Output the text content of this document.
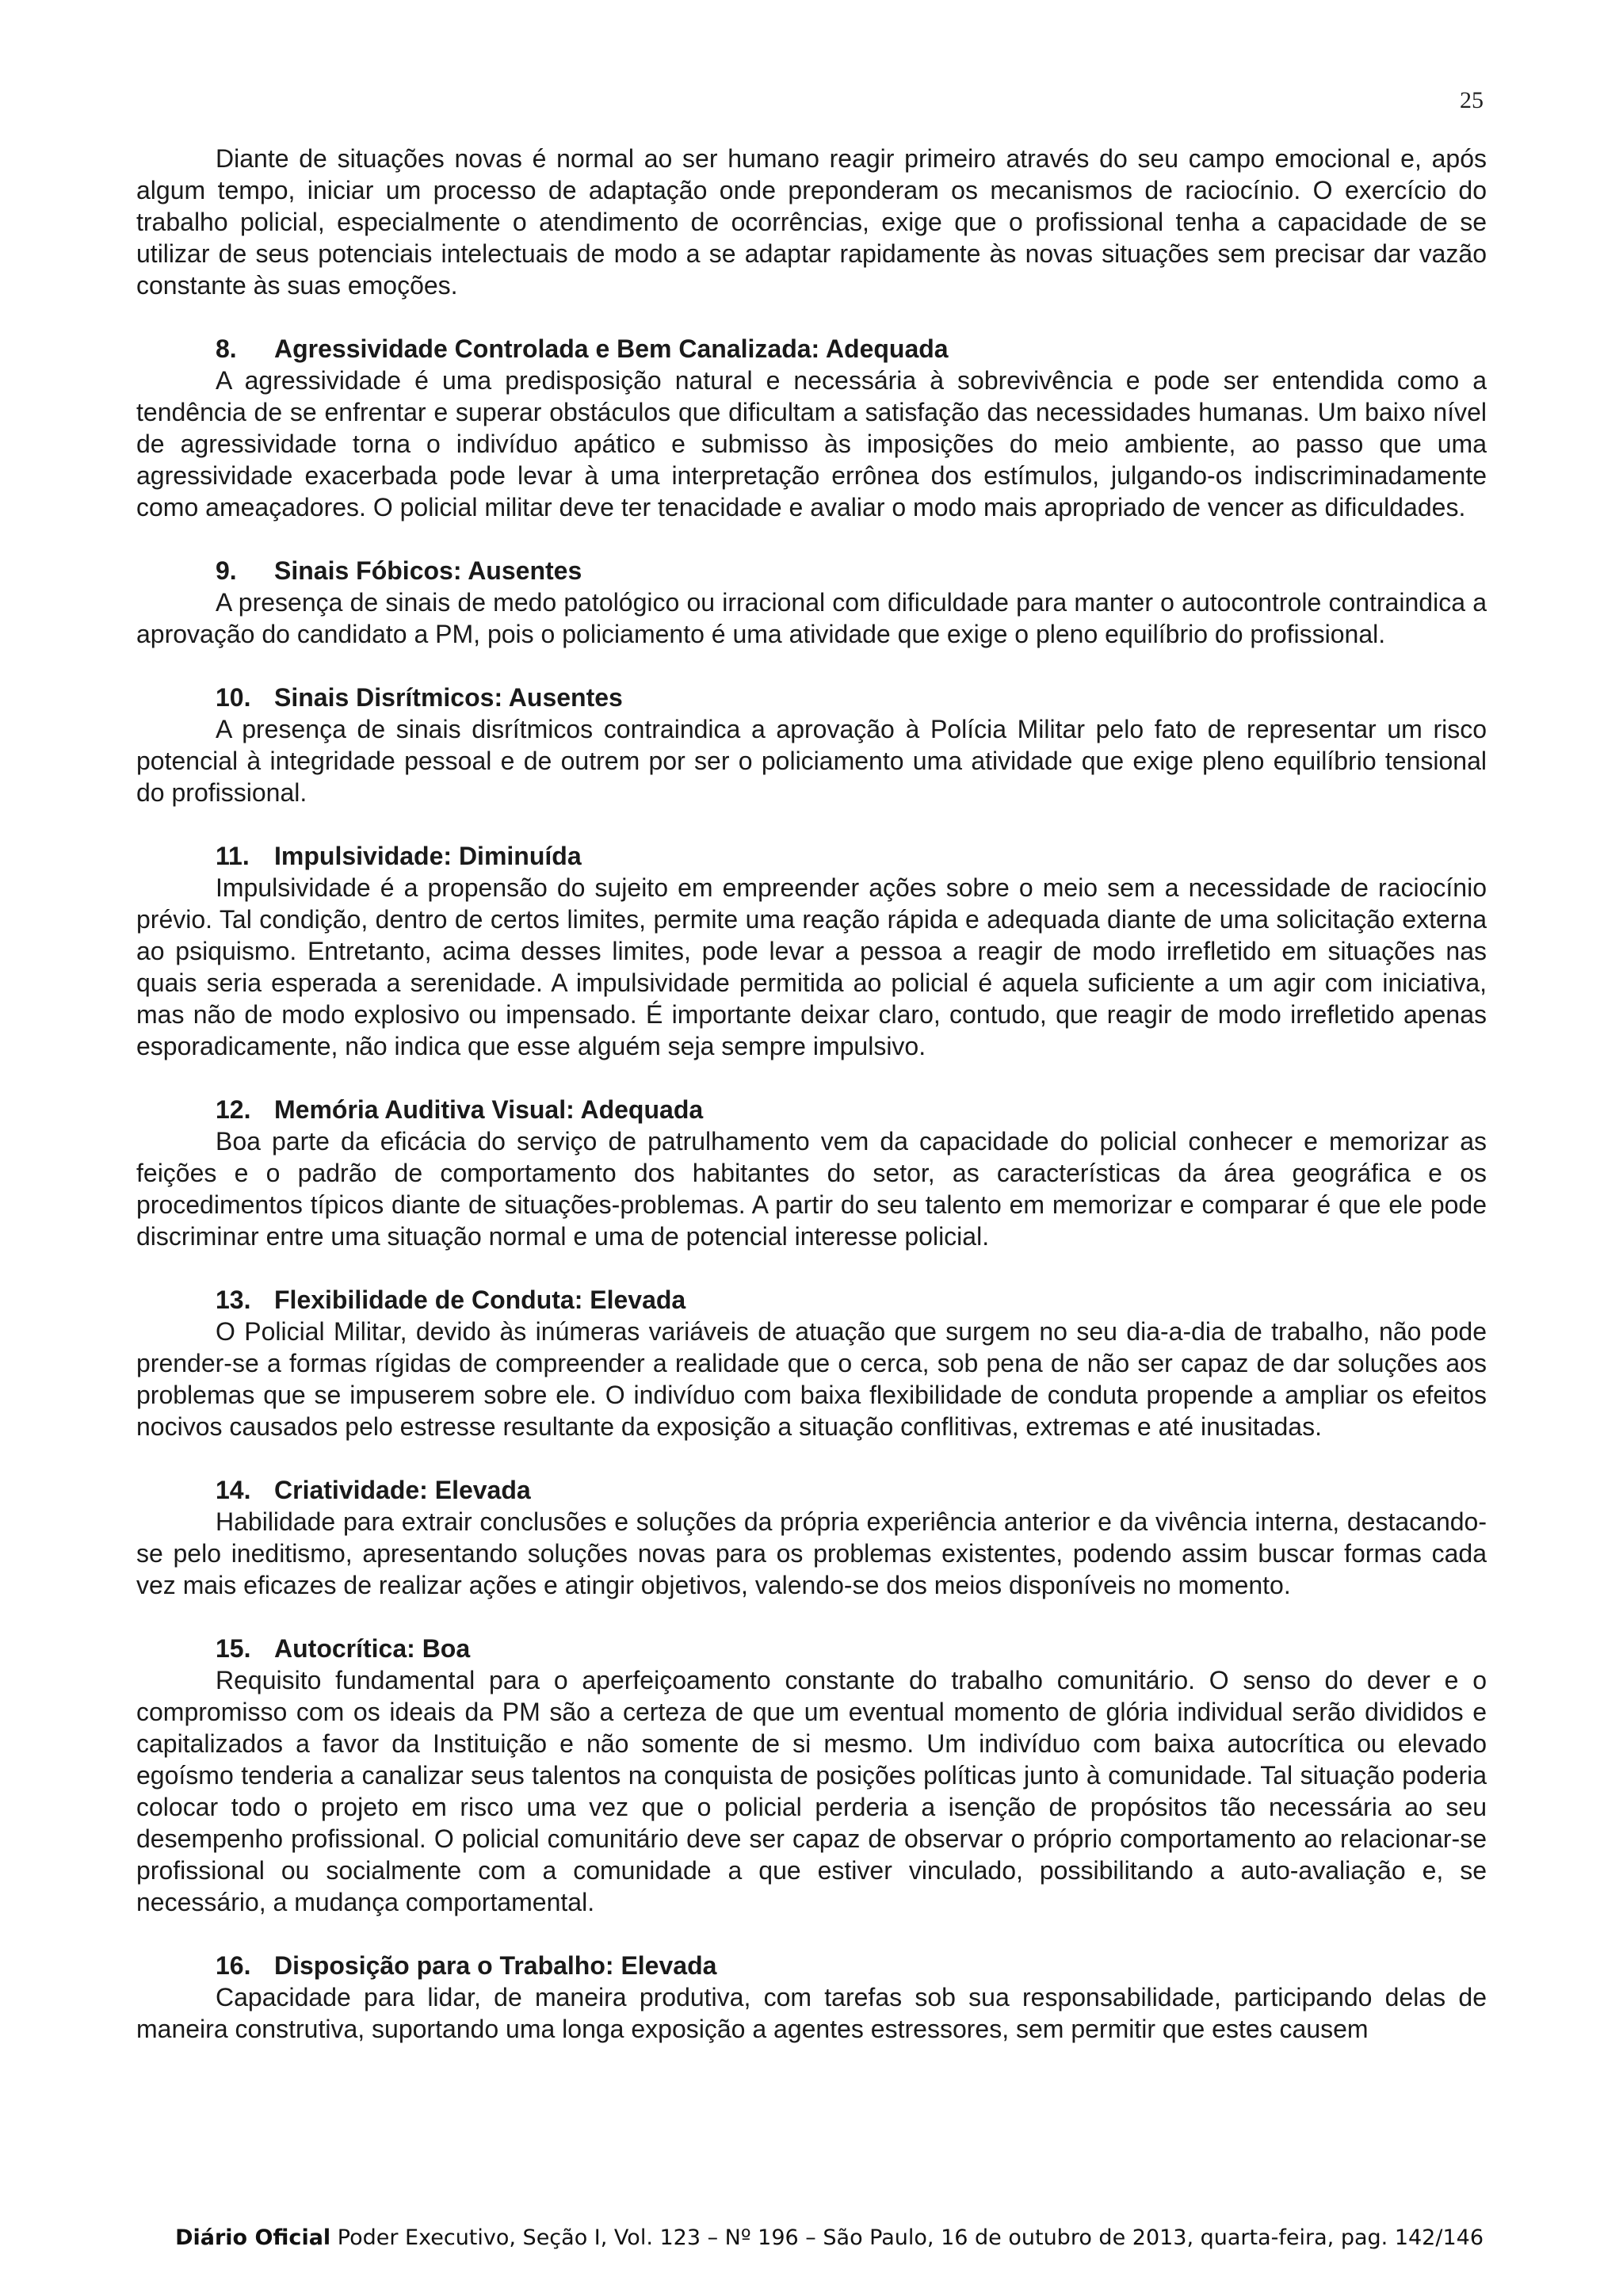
25

Diante de situações novas é normal ao ser humano reagir primeiro através do seu campo emocional e, após algum tempo, iniciar um processo de adaptação onde preponderam os mecanismos de raciocínio. O exercício do trabalho policial, especialmente o atendimento de ocorrências, exige que o profissional tenha a capacidade de se utilizar de seus potenciais intelectuais de modo a se adaptar rapidamente às novas situações sem precisar dar vazão constante às suas emoções.

8. Agressividade Controlada e Bem Canalizada: Adequada

A agressividade é uma predisposição natural e necessária à sobrevivência e pode ser entendida como a tendência de se enfrentar e superar obstáculos que dificultam a satisfação das necessidades humanas. Um baixo nível de agressividade torna o indivíduo apático e submisso às imposições do meio ambiente, ao passo que uma agressividade exacerbada pode levar à uma interpretação errônea dos estímulos, julgando-os indiscriminadamente como ameaçadores. O policial militar deve ter tenacidade e avaliar o modo mais apropriado de vencer as dificuldades.

9. Sinais Fóbicos: Ausentes

A presença de sinais de medo patológico ou irracional com dificuldade para manter o autocontrole contraindica a aprovação do candidato a PM, pois o policiamento é uma atividade que exige o pleno equilíbrio do profissional.

10. Sinais Disrítmicos: Ausentes

A presença de sinais disrítmicos contraindica a aprovação à Polícia Militar pelo fato de representar um risco potencial à integridade pessoal e de outrem por ser o policiamento uma atividade que exige pleno equilíbrio tensional do profissional.

11. Impulsividade: Diminuída

Impulsividade é a propensão do sujeito em empreender ações sobre o meio sem a necessidade de raciocínio prévio. Tal condição, dentro de certos limites, permite uma reação rápida e adequada diante de uma solicitação externa ao psiquismo. Entretanto, acima desses limites, pode levar a pessoa a reagir de modo irrefletido em situações nas quais seria esperada a serenidade. A impulsividade permitida ao policial é aquela suficiente a um agir com iniciativa, mas não de modo explosivo ou impensado. É importante deixar claro, contudo, que reagir de modo irrefletido apenas esporadicamente, não indica que esse alguém seja sempre impulsivo.

12. Memória Auditiva Visual: Adequada

Boa parte da eficácia do serviço de patrulhamento vem da capacidade do policial conhecer e memorizar as feições e o padrão de comportamento dos habitantes do setor, as características da área geográfica e os procedimentos típicos diante de situações-problemas. A partir do seu talento em memorizar e comparar é que ele pode discriminar entre uma situação normal e uma de potencial interesse policial.

13. Flexibilidade de Conduta: Elevada

O Policial Militar, devido às inúmeras variáveis de atuação que surgem no seu dia-a-dia de trabalho, não pode prender-se a formas rígidas de compreender a realidade que o cerca, sob pena de não ser capaz de dar soluções aos problemas que se impuserem sobre ele. O indivíduo com baixa flexibilidade de conduta propende a ampliar os efeitos nocivos causados pelo estresse resultante da exposição a situação conflitivas, extremas e até inusitadas.

14. Criatividade: Elevada

Habilidade para extrair conclusões e soluções da própria experiência anterior e da vivência interna, destacando-se pelo ineditismo, apresentando soluções novas para os problemas existentes, podendo assim buscar formas cada vez mais eficazes de realizar ações e atingir objetivos, valendo-se dos meios disponíveis no momento.

15. Autocrítica: Boa

Requisito fundamental para o aperfeiçoamento constante do trabalho comunitário. O senso do dever e o compromisso com os ideais da PM são a certeza de que um eventual momento de glória individual serão divididos e capitalizados a favor da Instituição e não somente de si mesmo. Um indivíduo com baixa autocrítica ou elevado egoísmo tenderia a canalizar seus talentos na conquista de posições políticas junto à comunidade. Tal situação poderia colocar todo o projeto em risco uma vez que o policial perderia a isenção de propósitos tão necessária ao seu desempenho profissional. O policial comunitário deve ser capaz de observar o próprio comportamento ao relacionar-se profissional ou socialmente com a comunidade a que estiver vinculado, possibilitando a auto-avaliação e, se necessário, a mudança comportamental.

16. Disposição para o Trabalho: Elevada

Capacidade para lidar, de maneira produtiva, com tarefas sob sua responsabilidade, participando delas de maneira construtiva, suportando uma longa exposição a agentes estressores, sem permitir que estes causem

Diário Oficial Poder Executivo, Seção I, Vol. 123 – Nº 196 – São Paulo, 16 de outubro de 2013, quarta-feira, pag. 142/146
